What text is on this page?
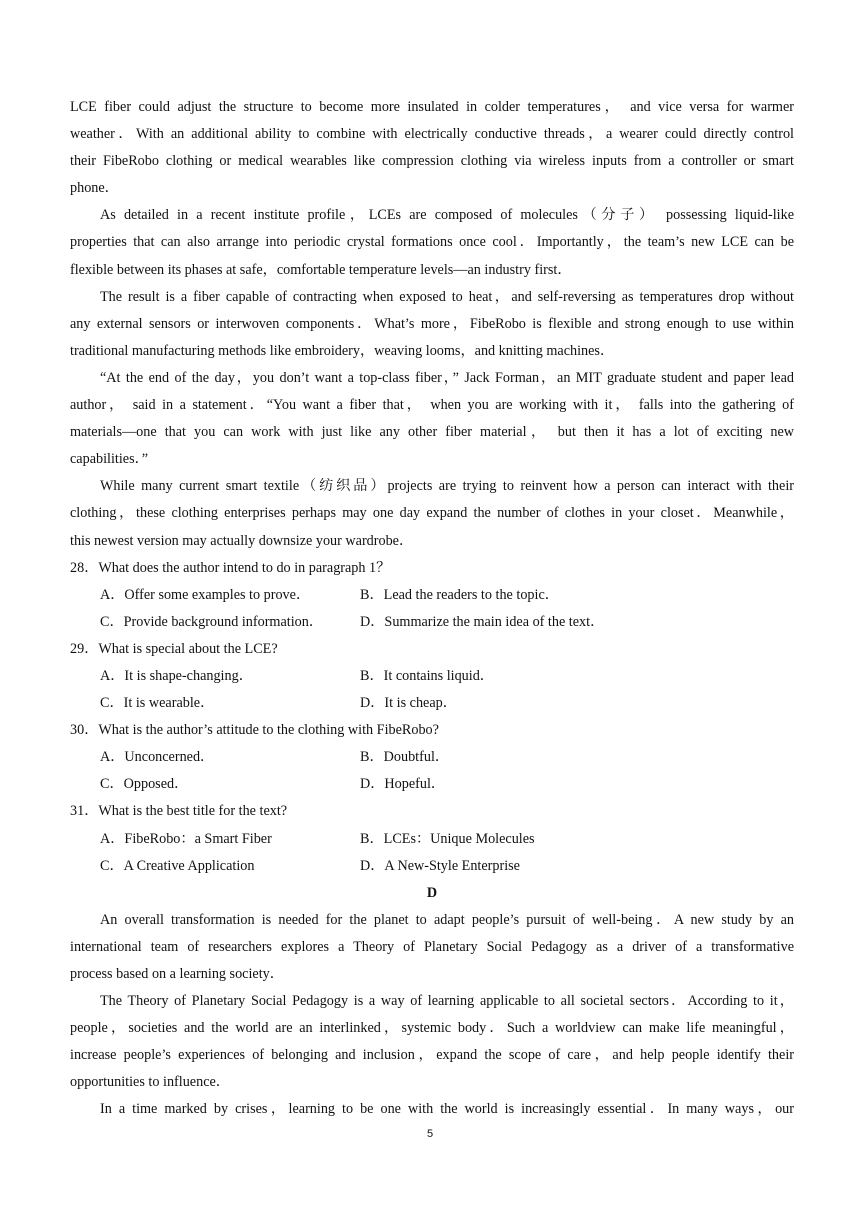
LCE fiber could adjust the structure to become more insulated in colder temperatures， and vice versa for warmer
weather．With an additional ability to combine with electrically conductive threads，a wearer could directly control
their FibeRobo clothing or medical wearables like compression clothing via wireless inputs from a controller or smart
phone．
As detailed in a recent institute profile，LCEs are composed of molecules（分子） possessing liquid-like
properties that can also arrange into periodic crystal formations once cool．Importantly，the team’s new LCE can be
flexible between its phases at safe，comfortable temperature levels—an industry first．
The result is a fiber capable of contracting when exposed to heat，and self-reversing as temperatures drop without
any external sensors or interwoven components．What’s more，FibeRobo is flexible and strong enough to use within
traditional manufacturing methods like embroidery，weaving looms，and knitting machines．
“At the end of the day，you don’t want a top-class fiber，” Jack Forman，an MIT graduate student and paper lead
author， said in a statement．“You want a fiber that， when you are working with it， falls into the gathering of
materials—one that you can work with just like any other fiber material， but then it has a lot of exciting new
capabilities．”
While many current smart textile（纺织品）projects are trying to reinvent how a person can interact with their
clothing，these clothing enterprises perhaps may one day expand the number of clothes in your closet．Meanwhile，
this newest version may actually downsize your wardrobe．
28．What does the author intend to do in paragraph 1？
A．Offer some examples to prove．	B．Lead the readers to the topic．
C．Provide background information．	D．Summarize the main idea of the text．
29．What is special about the LCE?
A．It is shape-changing．	B．It contains liquid．
C．It is wearable．	D．It is cheap．
30．What is the author’s attitude to the clothing with FibeRobo?
A．Unconcerned．	B．Doubtful．
C．Opposed．	D．Hopeful．
31．What is the best title for the text?
A．FibeRobo：a Smart Fiber	B．LCEs：Unique Molecules
C．A Creative Application	D．A New-Style Enterprise
D
An overall transformation is needed for the planet to adapt people’s pursuit of well-being．A new study by an
international team of researchers explores a Theory of Planetary Social Pedagogy as a driver of a transformative
process based on a learning society．
The Theory of Planetary Social Pedagogy is a way of learning applicable to all societal sectors．According to it，
people，societies and the world are an interlinked，systemic body．Such a worldview can make life meaningful，
increase people’s experiences of belonging and inclusion，expand the scope of care，and help people identify their
opportunities to influence．
In a time marked by crises，learning to be one with the world is increasingly essential．In many ways，our
5
